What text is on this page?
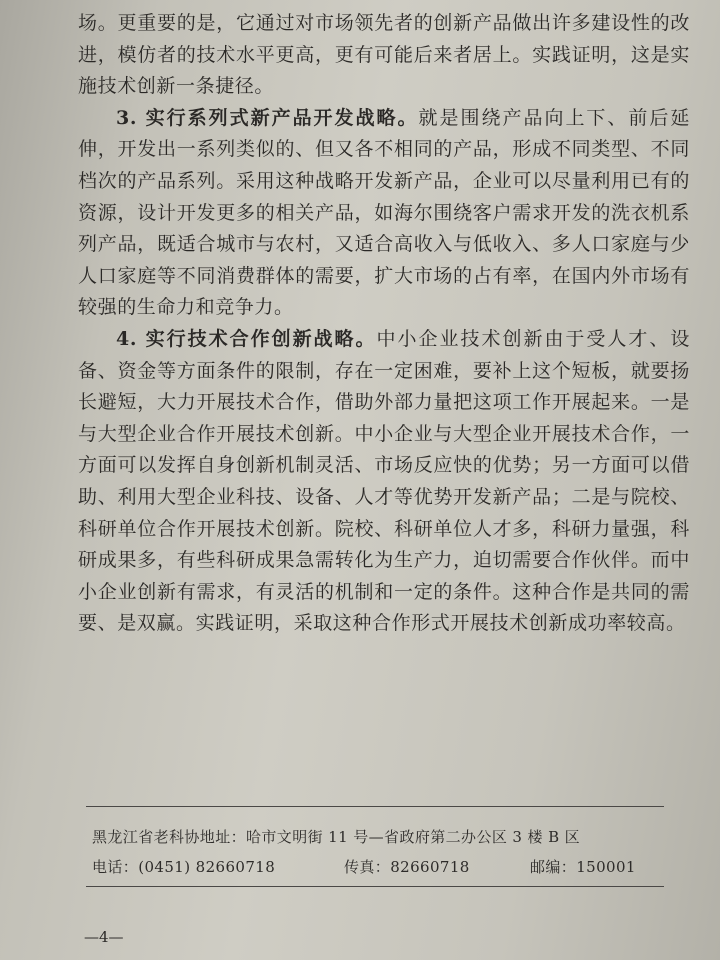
场。更重要的是，它通过对市场领先者的创新产品做出许多建设性的改进，模仿者的技术水平更高，更有可能后来者居上。实践证明，这是实施技术创新一条捷径。

3. 实行系列式新产品开发战略。就是围绕产品向上下、前后延伸，开发出一系列类似的、但又各不相同的产品，形成不同类型、不同档次的产品系列。采用这种战略开发新产品，企业可以尽量利用已有的资源，设计开发更多的相关产品，如海尔围绕客户需求开发的洗衣机系列产品，既适合城市与农村，又适合高收入与低收入、多人口家庭与少人口家庭等不同消费群体的需要，扩大市场的占有率，在国内外市场有较强的生命力和竞争力。

4. 实行技术合作创新战略。中小企业技术创新由于受人才、设备、资金等方面条件的限制，存在一定困难，要补上这个短板，就要扬长避短，大力开展技术合作，借助外部力量把这项工作开展起来。一是与大型企业合作开展技术创新。中小企业与大型企业开展技术合作，一方面可以发挥自身创新机制灵活、市场反应快的优势；另一方面可以借助、利用大型企业科技、设备、人才等优势开发新产品；二是与院校、科研单位合作开展技术创新。院校、科研单位人才多，科研力量强，科研成果多，有些科研成果急需转化为生产力，迫切需要合作伙伴。而中小企业创新有需求，有灵活的机制和一定的条件。这种合作是共同的需要、是双赢。实践证明，采取这种合作形式开展技术创新成功率较高。

黑龙江省老科协地址：哈市文明街 11 号—省政府第二办公区 3 楼 B 区
电话：(0451) 82660718	传真：82660718	邮编：150001
—4—
